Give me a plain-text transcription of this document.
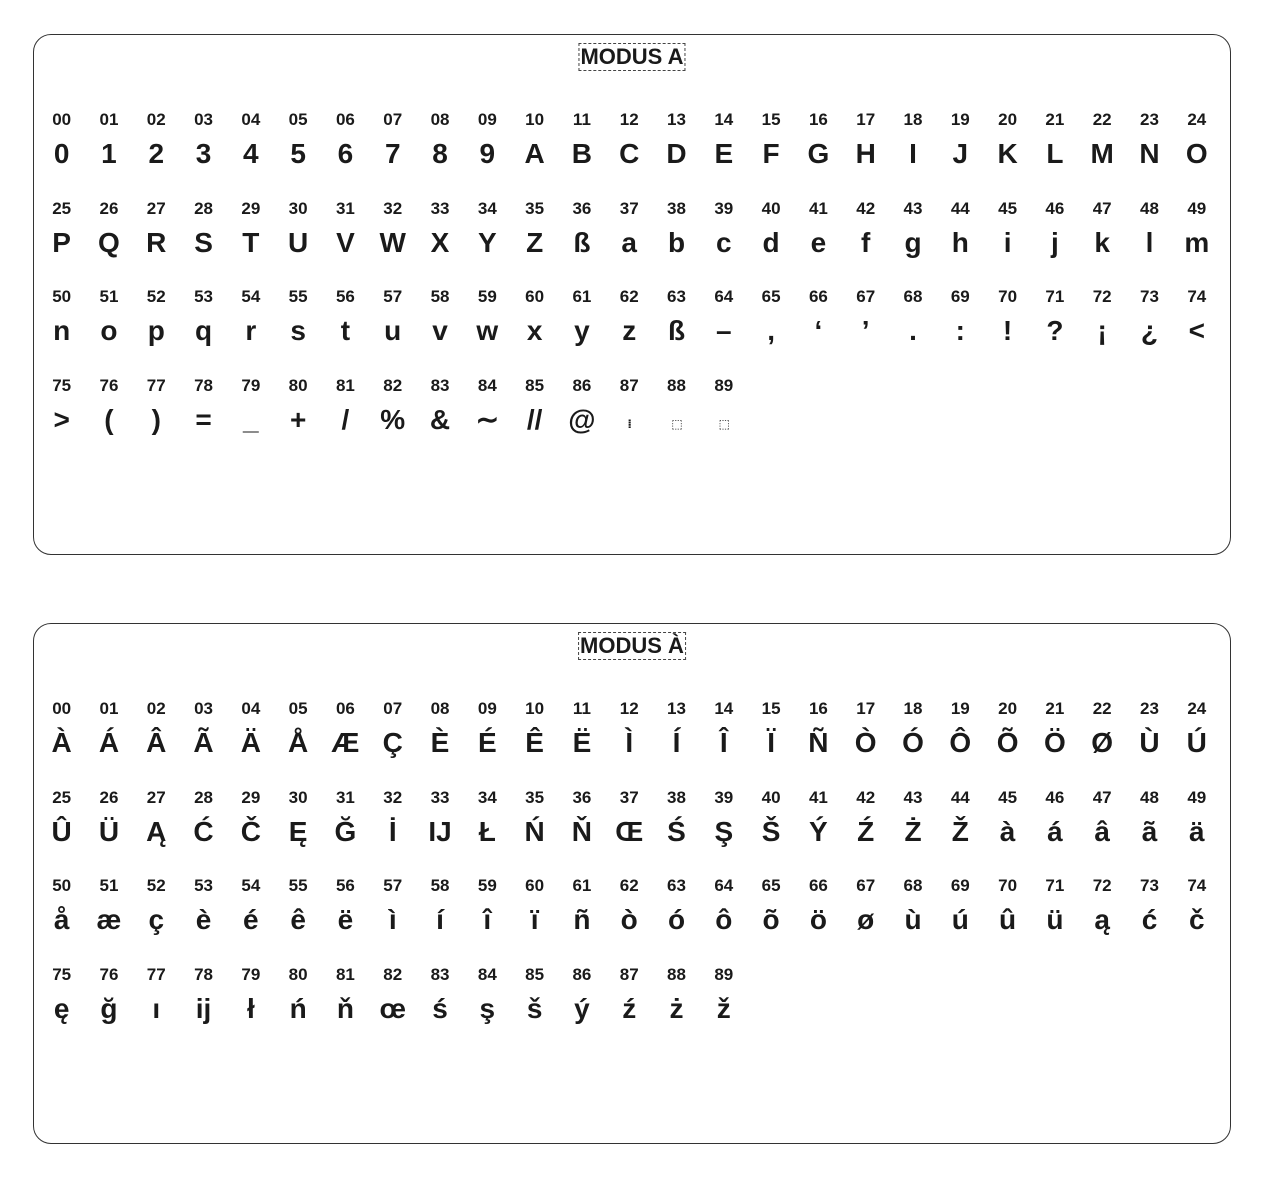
MODUS A
00
0
01
1
02
2
03
3
04
4
05
5
06
6
07
7
08
8
09
9
10
A
11
B
12
C
13
D
14
E
15
F
16
G
17
H
18
I
19
J
20
K
21
L
22
M
23
N
24
O
25
P
26
Q
27
R
28
S
29
T
30
U
31
V
32
W
33
X
34
Y
35
Z
36
ß
37
a
38
b
39
c
40
d
41
e
42
f
43
g
44
h
45
i
46
j
47
k
48
l
49
m
50
n
51
o
52
p
53
q
54
r
55
s
56
t
57
u
58
v
59
w
60
x
61
y
62
z
63
ß
64
–
65
,
66
‘
67
’
68
.
69
:
70
!
71
?
72
¡
73
¿
74
<
75
>
76
(
77
)
78
=
79
_
80
+
81
/
82
%
83
&
84
∼
85
//
86
@
87
⁞
88
⬚
89
⬚
MODUS À
00
À
01
Á
02
Â
03
Ã
04
Ä
05
Å
06
Æ
07
Ç
08
È
09
É
10
Ê
11
Ë
12
Ì
13
Í
14
Î
15
Ï
16
Ñ
17
Ò
18
Ó
19
Ô
20
Õ
21
Ö
22
Ø
23
Ù
24
Ú
25
Û
26
Ü
27
Ą
28
Ć
29
Č
30
Ę
31
Ğ
32
İ
33
IJ
34
Ł
35
Ń
36
Ň
37
Œ
38
Ś
39
Ş
40
Š
41
Ý
42
Ź
43
Ż
44
Ž
45
à
46
á
47
â
48
ã
49
ä
50
å
51
æ
52
ç
53
è
54
é
55
ê
56
ë
57
ì
58
í
59
î
60
ï
61
ñ
62
ò
63
ó
64
ô
65
õ
66
ö
67
ø
68
ù
69
ú
70
û
71
ü
72
ą
73
ć
74
č
75
ę
76
ğ
77
ı
78
ij
79
ł
80
ń
81
ň
82
œ
83
ś
84
ş
85
š
86
ý
87
ź
88
ż
89
ž
